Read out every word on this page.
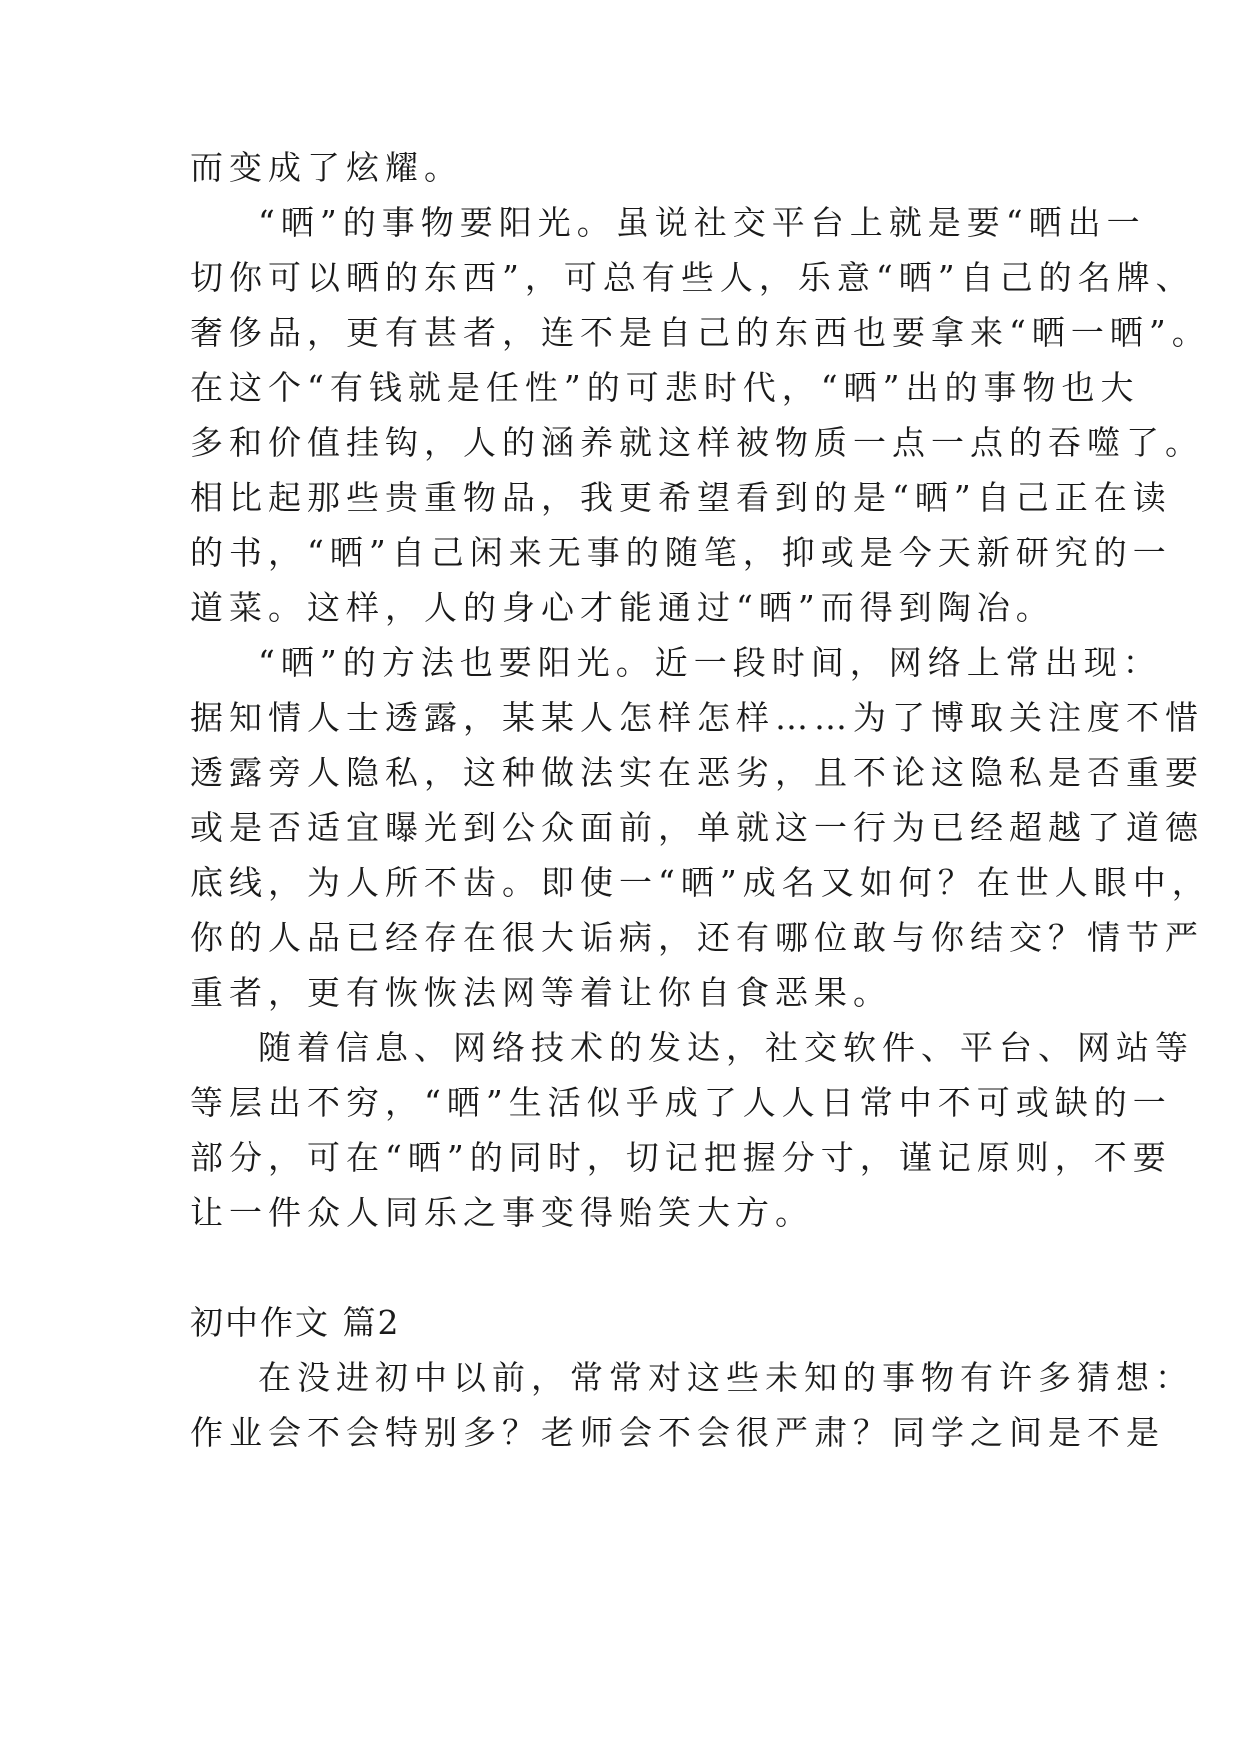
而变成了炫耀。
“晒”的事物要阳光。虽说社交平台上就是要“晒出一
切你可以晒的东西”，可总有些人，乐意“晒”自己的名牌、
奢侈品，更有甚者，连不是自己的东西也要拿来“晒一晒”。
在这个“有钱就是任性”的可悲时代，“晒”出的事物也大
多和价值挂钩，人的涵养就这样被物质一点一点的吞噬了。
相比起那些贵重物品，我更希望看到的是“晒”自己正在读
的书，“晒”自己闲来无事的随笔，抑或是今天新研究的一
道菜。这样，人的身心才能通过“晒”而得到陶冶。
“晒”的方法也要阳光。近一段时间，网络上常出现：
据知情人士透露，某某人怎样怎样……为了博取关注度不惜
透露旁人隐私，这种做法实在恶劣，且不论这隐私是否重要
或是否适宜曝光到公众面前，单就这一行为已经超越了道德
底线，为人所不齿。即使一“晒”成名又如何？在世人眼中，
你的人品已经存在很大诟病，还有哪位敢与你结交？情节严
重者，更有恢恢法网等着让你自食恶果。
随着信息、网络技术的发达，社交软件、平台、网站等
等层出不穷，“晒”生活似乎成了人人日常中不可或缺的一
部分，可在“晒”的同时，切记把握分寸，谨记原则，不要
让一件众人同乐之事变得贻笑大方。
初中作文 篇2
在没进初中以前，常常对这些未知的事物有许多猜想：
作业会不会特别多？老师会不会很严肃？同学之间是不是
